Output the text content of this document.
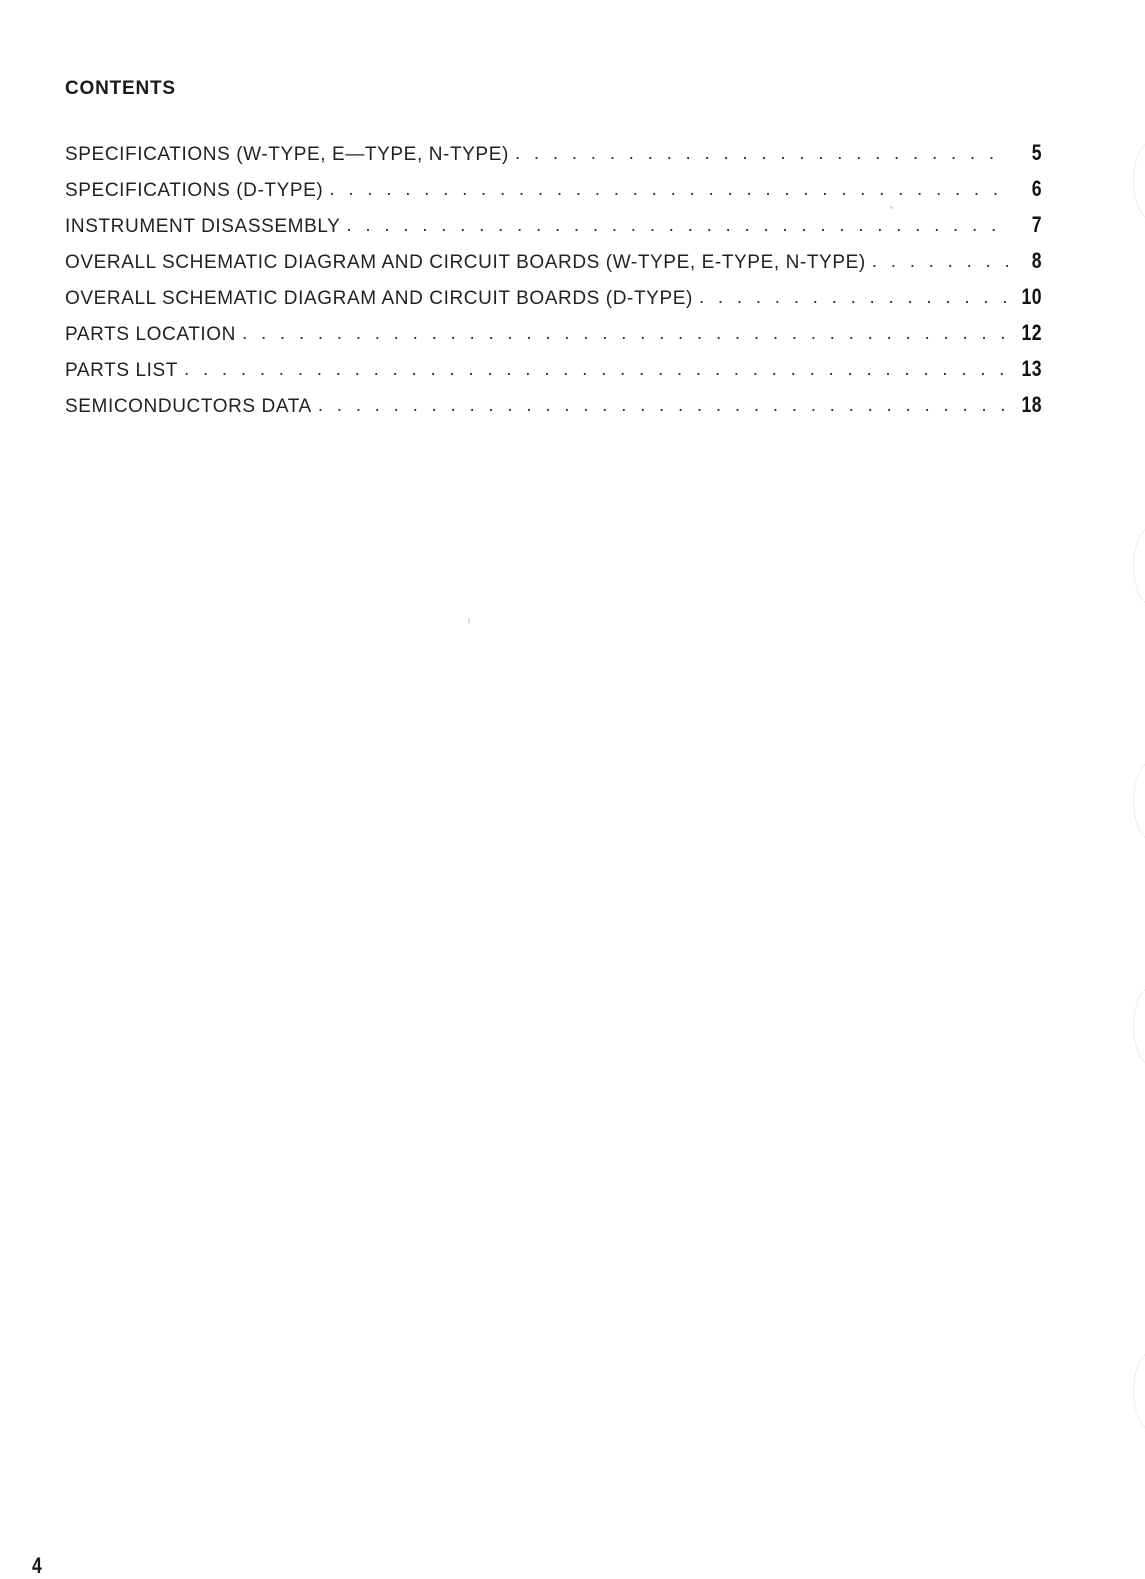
CONTENTS
SPECIFICATIONS (W-TYPE, E—TYPE, N-TYPE) . . .	5
SPECIFICATIONS (D-TYPE) . . .	6
INSTRUMENT DISASSEMBLY . . .	7
OVERALL SCHEMATIC DIAGRAM AND CIRCUIT BOARDS (W-TYPE, E-TYPE, N-TYPE) . . .	8
OVERALL SCHEMATIC DIAGRAM AND CIRCUIT BOARDS (D-TYPE) . . .	10
PARTS LOCATION . . .	12
PARTS LIST . . .	13
SEMICONDUCTORS DATA . . .	18
4
